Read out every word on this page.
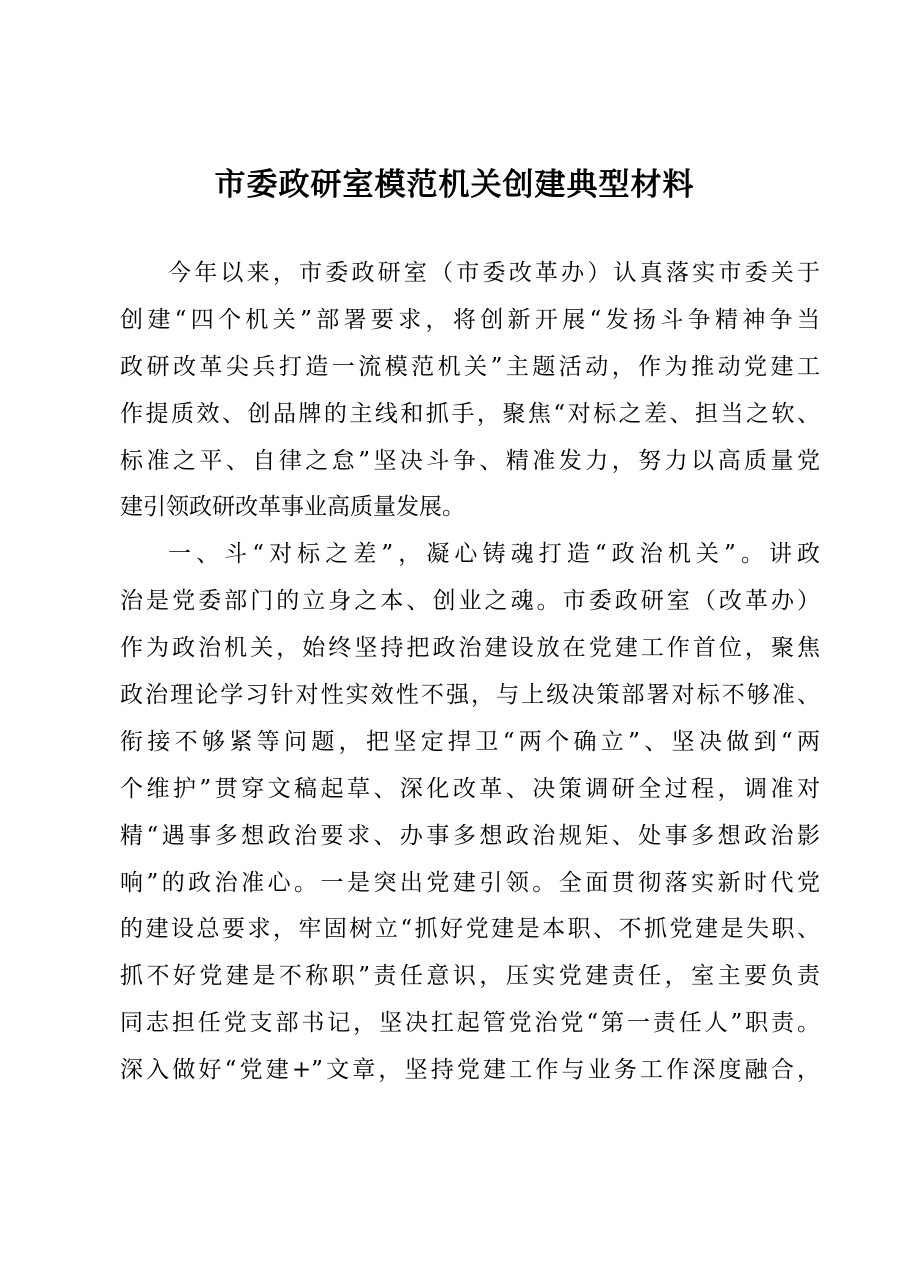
市委政研室模范机关创建典型材料
今年以来，市委政研室（市委改革办）认真落实市委关于
创建“四个机关”部署要求，将创新开展“发扬斗争精神争当
政研改革尖兵打造一流模范机关”主题活动，作为推动党建工
作提质效、创品牌的主线和抓手，聚焦“对标之差、担当之软、
标准之平、自律之怠”坚决斗争、精准发力，努力以高质量党
建引领政研改革事业高质量发展。
一、斗“对标之差”，凝心铸魂打造“政治机关”。讲政
治是党委部门的立身之本、创业之魂。市委政研室（改革办）
作为政治机关，始终坚持把政治建设放在党建工作首位，聚焦
政治理论学习针对性实效性不强，与上级决策部署对标不够准、
衔接不够紧等问题，把坚定捍卫“两个确立”、坚决做到“两
个维护”贯穿文稿起草、深化改革、决策调研全过程，调准对
精“遇事多想政治要求、办事多想政治规矩、处事多想政治影
响”的政治准心。一是突出党建引领。全面贯彻落实新时代党
的建设总要求，牢固树立“抓好党建是本职、不抓党建是失职、
抓不好党建是不称职”责任意识，压实党建责任，室主要负责
同志担任党支部书记，坚决扛起管党治党“第一责任人”职责。
深入做好“党建+”文章，坚持党建工作与业务工作深度融合，
